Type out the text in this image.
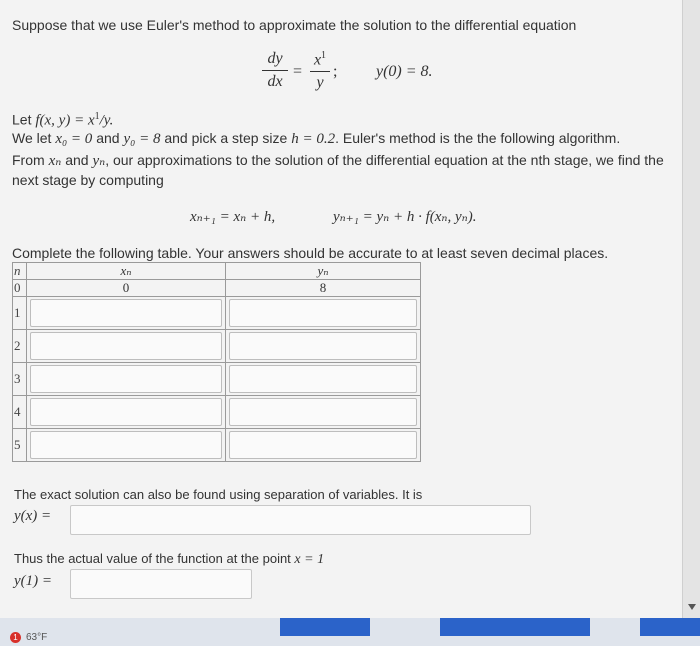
Suppose that we use Euler's method to approximate the solution to the differential equation
dy
dx
=
$x^1$
y
; y(0) = 8.
Let f(x, $y) = x^1/y$.
We let x₀ = 0 and y₀ = 8 and pick a step size h = 0.2. Euler's method is the the following algorithm.
From xₙ and yₙ, our approximations to the solution of the differential equation at the nth stage, we find the
next stage by computing
xₙ₊₁ = xₙ + h,	yₙ₊₁ = yₙ + h · f(xₙ, yₙ).
Complete the following table. Your answers should be accurate to at least seven decimal places.
n	xₙ	yₙ
0	0	8
1	

2	

3	

4	

5	

The exact solution can also be found using separation of variables. It is
y(x) =
Thus the actual value of the function at the point x = 1
y(1) =
1 63°F
